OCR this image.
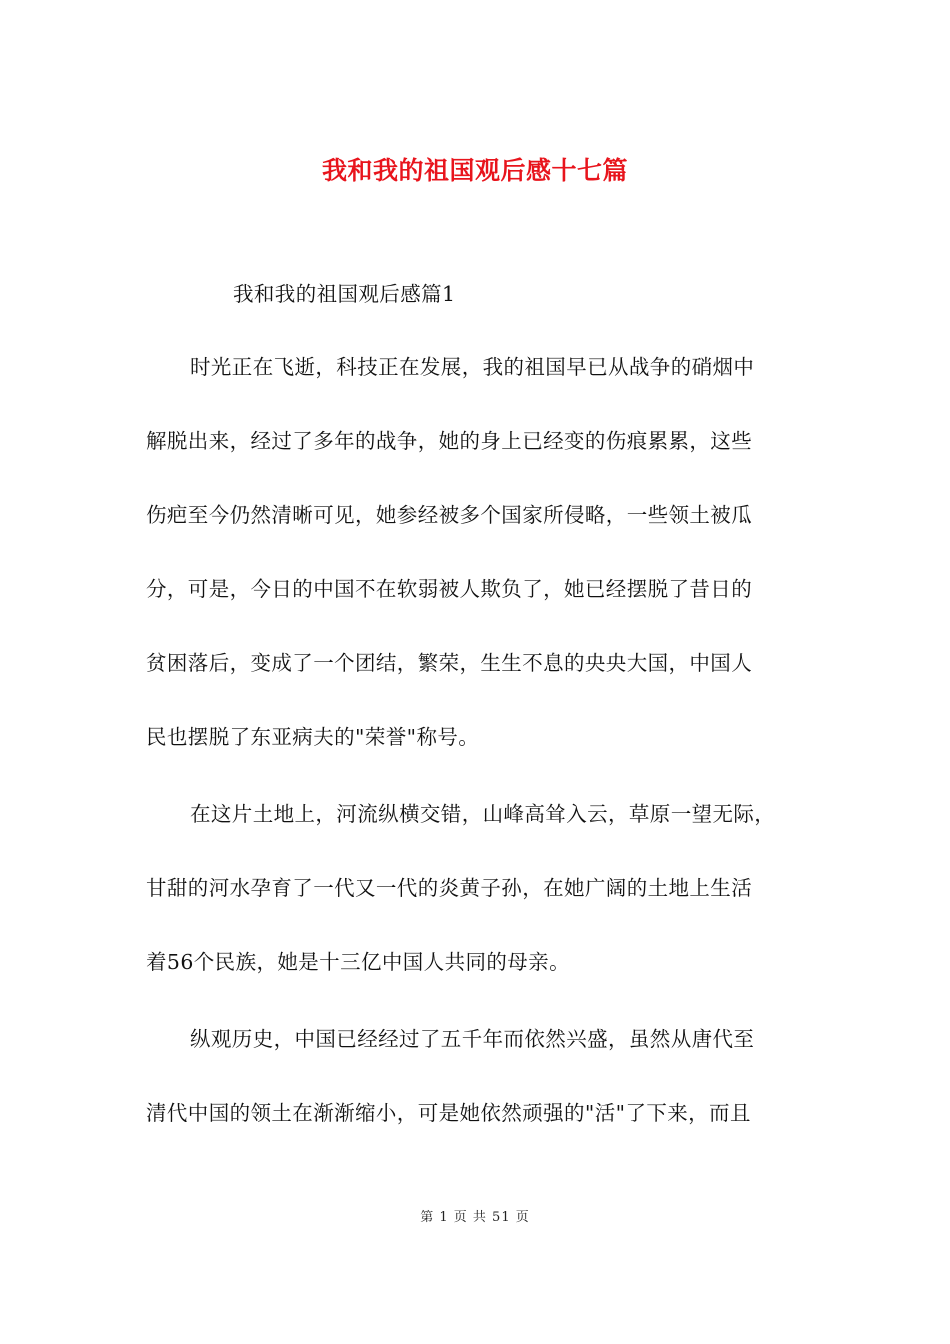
我和我的祖国观后感十七篇
我和我的祖国观后感篇1
时光正在飞逝，科技正在发展，我的祖国早已从战争的硝烟中
解脱出来，经过了多年的战争，她的身上已经变的伤痕累累，这些
伤疤至今仍然清晰可见，她参经被多个国家所侵略，一些领土被瓜
分，可是，今日的中国不在软弱被人欺负了，她已经摆脱了昔日的
贫困落后，变成了一个团结，繁荣，生生不息的央央大国，中国人
民也摆脱了东亚病夫的"荣誉"称号。
在这片土地上，河流纵横交错，山峰高耸入云，草原一望无际，
甘甜的河水孕育了一代又一代的炎黄子孙，在她广阔的土地上生活
着56个民族，她是十三亿中国人共同的母亲。
纵观历史，中国已经经过了五千年而依然兴盛，虽然从唐代至
清代中国的领土在渐渐缩小，可是她依然顽强的"活"了下来，而且
第 1 页 共 51 页
